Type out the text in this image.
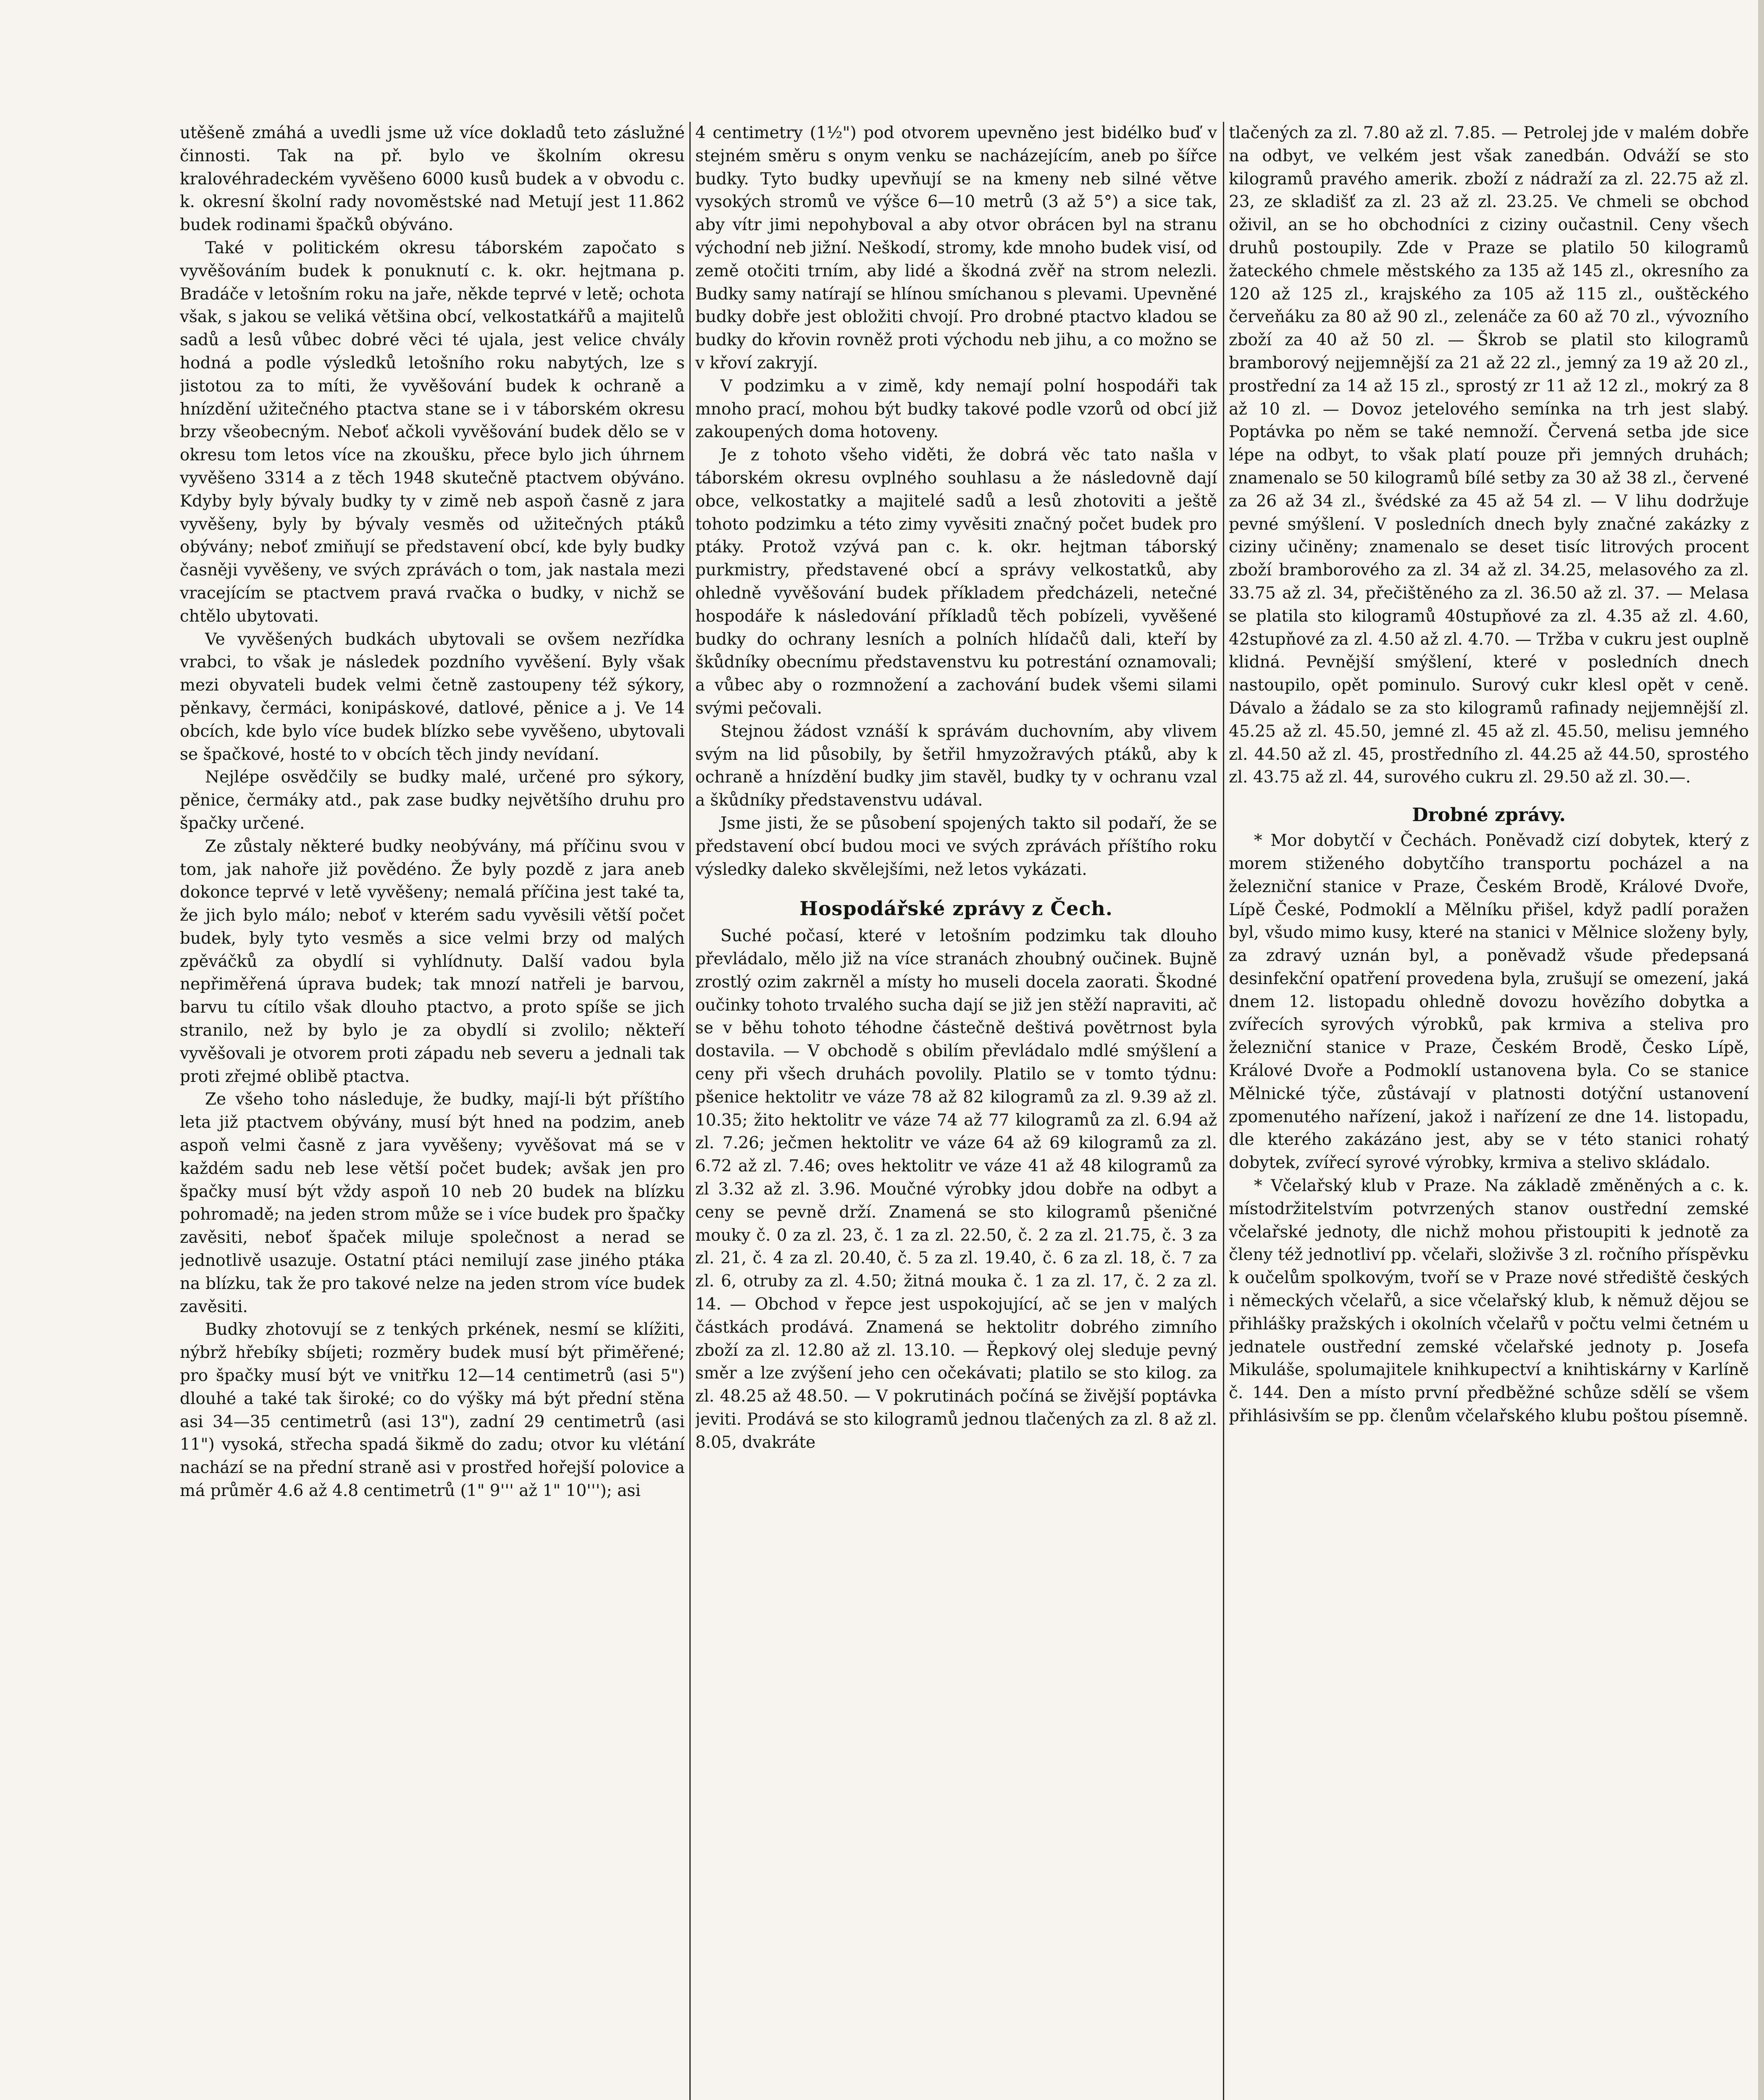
utěšeně zmáhá a uvedli jsme už více dokladů teto záslužné činnosti. Tak na př. bylo ve školním okresu kralovéhradeckém vyvěšeno 6000 kusů budek a v obvodu c. k. okresní školní rady novoměstské nad Metují jest 11.862 budek rodinami špačků obýváno.

Také v politickém okresu táborském započato s vyvěšováním budek k ponuknutí c. k. okr. hejtmana p. Bradáče v letošním roku na jaře, někde teprvé v letě; ochota však, s jakou se veliká většina obcí, velkostatkářů a majitelů sadů a lesů vůbec dobré věci té ujala, jest velice chvály hodná a podle výsledků letošního roku nabytých, lze s jistotou za to míti, že vyvěšování budek k ochraně a hnízdění užitečného ptactva stane se i v táborském okresu brzy všeobecným. Neboť ačkoli vyvěšování budek dělo se v okresu tom letos více na zkoušku, přece bylo jich úhrnem vyvěšeno 3314 a z těch 1948 skutečně ptactvem obýváno. Kdyby byly bývaly budky ty v zimě neb aspoň časně z jara vyvěšeny, byly by bývaly vesměs od užitečných ptáků obývány; neboť zmiňují se představení obcí, kde byly budky časněji vyvěšeny, ve svých zprávách o tom, jak nastala mezi vracejícím se ptactvem pravá rvačka o budky, v nichž se chtělo ubytovati.

Ve vyvěšených budkách ubytovali se ovšem nezřídka vrabci, to však je následek pozdního vyvěšení. Byly však mezi obyvateli budek velmi četně zastoupeny též sýkory, pěnkavy, čermáci, konipáskové, datlové, pěnice a j. Ve 14 obcích, kde bylo více budek blízko sebe vyvěšeno, ubytovali se špačkové, hosté to v obcích těch jindy nevídaní.

Nejlépe osvědčily se budky malé, určené pro sýkory, pěnice, čermáky atd., pak zase budky největšího druhu pro špačky určené.

Ze zůstaly některé budky neobývány, má příčinu svou v tom, jak nahoře již povědéno. Že byly pozdě z jara aneb dokonce teprvé v letě vyvěšeny; nemalá příčina jest také ta, že jich bylo málo; neboť v kterém sadu vyvěsili větší počet budek, byly tyto vesměs a sice velmi brzy od malých zpěváčků za obydlí si vyhlídnuty. Další vadou byla nepřiměřená úprava budek; tak mnozí natřeli je barvou, barvu tu cítilo však dlouho ptactvo, a proto spíše se jich stranilo, než by bylo je za obydlí si zvolilo; někteří vyvěšovali je otvorem proti západu neb severu a jednali tak proti zřejmé oblibě ptactva.

Ze všeho toho následuje, že budky, mají-li být příštího leta již ptactvem obývány, musí být hned na podzim, aneb aspoň velmi časně z jara vyvěšeny; vyvěšovat má se v každém sadu neb lese větší počet budek; avšak jen pro špačky musí být vždy aspoň 10 neb 20 budek na blízku pohromadě; na jeden strom může se i více budek pro špačky zavěsiti, neboť špaček miluje společnost a nerad se jednotlivě usazuje. Ostatní ptáci nemilují zase jiného ptáka na blízku, tak že pro takové nelze na jeden strom více budek zavěsiti.

Budky zhotovují se z tenkých prkének, nesmí se klížiti, nýbrž hřebíky sbíjeti; rozměry budek musí být přiměřené; pro špačky musí být ve vnitřku 12—14 centimetrů (asi 5") dlouhé a také tak široké; co do výšky má být přední stěna asi 34—35 centimetrů (asi 13"), zadní 29 centimetrů (asi 11") vysoká, střecha spadá šikmě do zadu; otvor ku vlétání nachází se na přední straně asi v prostřed hořejší polovice a má průměr 4.6 až 4.8 centimetrů (1" 9''' až 1" 10'''); asi

4 centimetry (1½") pod otvorem upevněno jest bidélko buď v stejném směru s onym venku se nacházejícím, aneb po šířce budky. Tyto budky upevňují se na kmeny neb silné větve vysokých stromů ve výšce 6—10 metrů (3 až 5°) a sice tak, aby vítr jimi nepohyboval a aby otvor obrácen byl na stranu východní neb jižní. Neškodí, stromy, kde mnoho budek visí, od země otočiti trním, aby lidé a škodná zvěř na strom nelezli. Budky samy natírají se hlínou smíchanou s plevami. Upevněné budky dobře jest obložiti chvojí. Pro drobné ptactvo kladou se budky do křovin rovněž proti východu neb jihu, a co možno se v křoví zakryjí.

V podzimku a v zimě, kdy nemají polní hospodáři tak mnoho prací, mohou být budky takové podle vzorů od obcí již zakoupených doma hotoveny.

Je z tohoto všeho viděti, že dobrá věc tato našla v táborském okresu ovplného souhlasu a že následovně dají obce, velkostatky a majitelé sadů a lesů zhotoviti a ještě tohoto podzimku a této zimy vyvěsiti značný počet budek pro ptáky. Protož vzývá pan c. k. okr. hejtman táborský purkmistry, představené obcí a správy velkostatků, aby ohledně vyvěšování budek příkladem předcházeli, netečné hospodáře k následování příkladů těch pobízeli, vyvěšené budky do ochrany lesních a polních hlídačů dali, kteří by škůdníky obecnímu představenstvu ku potrestání oznamovali; a vůbec aby o rozmnožení a zachování budek všemi silami svými pečovali.

Stejnou žádost vznáší k správám duchovním, aby vlivem svým na lid působily, by šetřil hmyzožravých ptáků, aby k ochraně a hnízdění budky jim stavěl, budky ty v ochranu vzal a škůdníky představenstvu udával.

Jsme jisti, že se působení spojených takto sil podaří, že se představení obcí budou moci ve svých zprávách příštího roku výsledky daleko skvělejšími, než letos vykázati.

Hospodářské zprávy z Čech.

Suché počasí, které v letošním podzimku tak dlouho převládalo, mělo již na více stranách zhoubný oučinek. Bujně zrostlý ozim zakrněl a místy ho museli docela zaorati. Škodné oučinky tohoto trvalého sucha dají se již jen stěží napraviti, ač se v běhu tohoto téhodne částečně deštivá povětrnost byla dostavila. — V obchodě s obilím převládalo mdlé smýšlení a ceny při všech druhách povolily. Platilo se v tomto týdnu: pšenice hektolitr ve váze 78 až 82 kilogramů za zl. 9.39 až zl. 10.35; žito hektolitr ve váze 74 až 77 kilogramů za zl. 6.94 až zl. 7.26; ječmen hektolitr ve váze 64 až 69 kilogramů za zl. 6.72 až zl. 7.46; oves hektolitr ve váze 41 až 48 kilogramů za zl 3.32 až zl. 3.96. Moučné výrobky jdou dobře na odbyt a ceny se pevně drží. Znamená se sto kilogramů pšeničné mouky č. 0 za zl. 23, č. 1 za zl. 22.50, č. 2 za zl. 21.75, č. 3 za zl. 21, č. 4 za zl. 20.40, č. 5 za zl. 19.40, č. 6 za zl. 18, č. 7 za zl. 6, otruby za zl. 4.50; žitná mouka č. 1 za zl. 17, č. 2 za zl. 14. — Obchod v řepce jest uspokojující, ač se jen v malých částkách prodává. Znamená se hektolitr dobrého zimního zboží za zl. 12.80 až zl. 13.10. — Řepkový olej sleduje pevný směr a lze zvýšení jeho cen očekávati; platilo se sto kilog. za zl. 48.25 až 48.50. — V pokrutinách počíná se živější poptávka jeviti. Prodává se sto kilogramů jednou tlačených za zl. 8 až zl. 8.05, dvakráte

tlačených za zl. 7.80 až zl. 7.85. — Petrolej jde v malém dobře na odbyt, ve velkém jest však zanedbán. Odváží se sto kilogramů pravého amerik. zboží z nádraží za zl. 22.75 až zl. 23, ze skladišť za zl. 23 až zl. 23.25. Ve chmeli se obchod oživil, an se ho obchodníci z ciziny oučastnil. Ceny všech druhů postoupily. Zde v Praze se platilo 50 kilogramů žateckého chmele městského za 135 až 145 zl., okresního za 120 až 125 zl., krajského za 105 až 115 zl., ouštěckého červeňáku za 80 až 90 zl., zelenáče za 60 až 70 zl., vývozního zboží za 40 až 50 zl. — Škrob se platil sto kilogramů bramborový nejjemnější za 21 až 22 zl., jemný za 19 až 20 zl., prostřední za 14 až 15 zl., sprostý zr 11 až 12 zl., mokrý za 8 až 10 zl. — Dovoz jetelového semínka na trh jest slabý. Poptávka po něm se také nemnoží. Červená setba jde sice lépe na odbyt, to však platí pouze při jemných druhách; znamenalo se 50 kilogramů bílé setby za 30 až 38 zl., červené za 26 až 34 zl., švédské za 45 až 54 zl. — V lihu dodržuje pevné smýšlení. V posledních dnech byly značné zakázky z ciziny učiněny; znamenalo se deset tisíc litrových procent zboží bramborového za zl. 34 až zl. 34.25, melasového za zl. 33.75 až zl. 34, přečištěného za zl. 36.50 až zl. 37. — Melasa se platila sto kilogramů 40stupňové za zl. 4.35 až zl. 4.60, 42stupňové za zl. 4.50 až zl. 4.70. — Tržba v cukru jest ouplně klidná. Pevnější smýšlení, které v posledních dnech nastoupilo, opět pominulo. Surový cukr klesl opět v ceně. Dávalo a žádalo se za sto kilogramů rafinady nejjemnější zl. 45.25 až zl. 45.50, jemné zl. 45 až zl. 45.50, melisu jemného zl. 44.50 až zl. 45, prostředního zl. 44.25 až 44.50, sprostého zl. 43.75 až zl. 44, surového cukru zl. 29.50 až zl. 30.—.

Drobné zprávy.

* Mor dobytčí v Čechách. Poněvadž cizí dobytek, který z morem stiženého dobytčího transportu pocházel a na železniční stanice v Praze, Českém Brodě, Králové Dvoře, Lípě České, Podmoklí a Mělníku přišel, když padlí poražen byl, všudo mimo kusy, které na stanici v Mělnice složeny byly, za zdravý uznán byl, a poněvadž všude předepsaná desinfekční opatření provedena byla, zrušují se omezení, jaká dnem 12. listopadu ohledně dovozu hovězího dobytka a zvířecích syrových výrobků, pak krmiva a steliva pro železniční stanice v Praze, Českém Brodě, Česko Lípě, Králové Dvoře a Podmoklí ustanovena byla. Co se stanice Mělnické týče, zůstávají v platnosti dotýční ustanovení zpomenutého nařízení, jakož i nařízení ze dne 14. listopadu, dle kterého zakázáno jest, aby se v této stanici rohatý dobytek, zvířecí syrové výrobky, krmiva a stelivo skládalo.

* Včelařský klub v Praze. Na základě změněných a c. k. místodržitelstvím potvrzených stanov oustřední zemské včelařské jednoty, dle nichž mohou přistoupiti k jednotě za členy též jednotliví pp. včelaři, složivše 3 zl. ročního příspěvku k oučelům spolkovým, tvoří se v Praze nové střediště českých i německých včelařů, a sice včelařský klub, k němuž dějou se přihlášky pražských i okolních včelařů v počtu velmi četném u jednatele oustřední zemské včelařské jednoty p. Josefa Mikuláše, spolumajitele knihkupectví a knihtiskárny v Karlíně č. 144. Den a místo první předběžné schůze sdělí se všem přihlásivším se pp. členům včelařského klubu poštou písemně.
